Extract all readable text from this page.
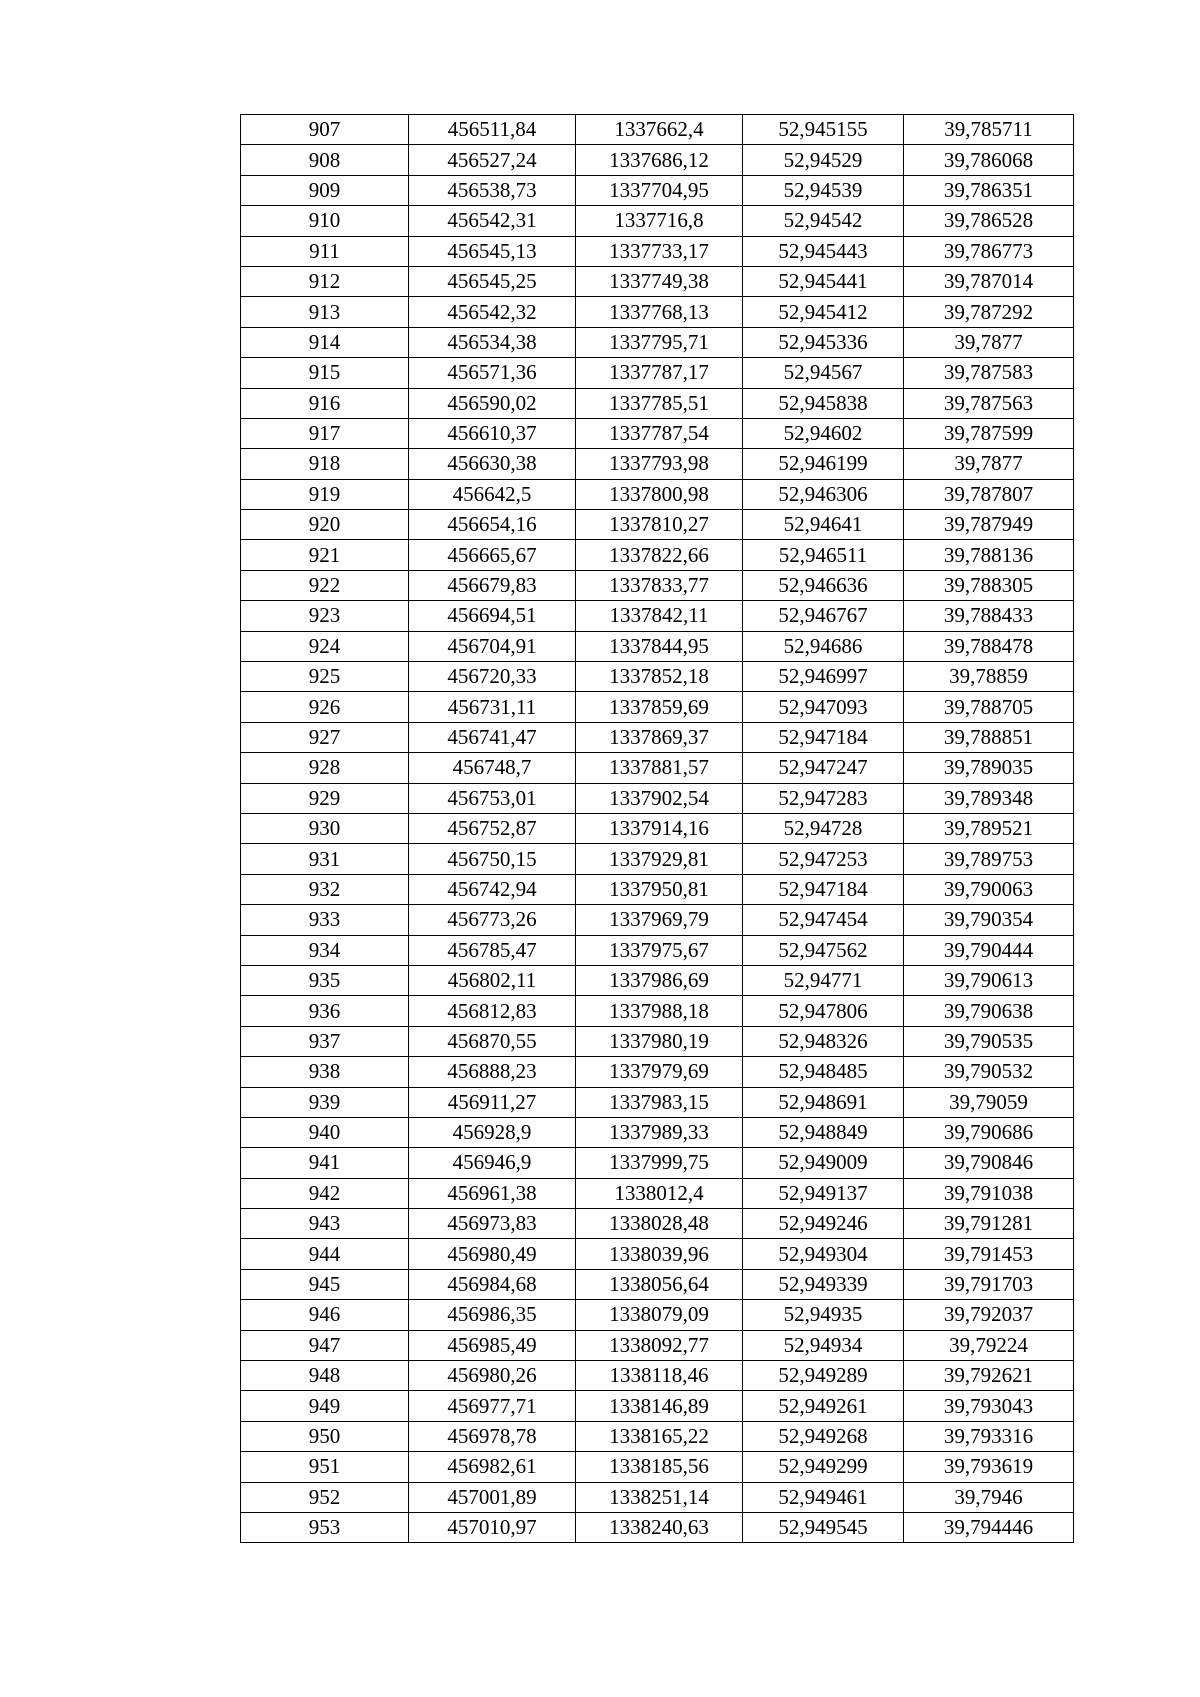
907	456511,84	1337662,4	52,945155	39,785711
908	456527,24	1337686,12	52,94529	39,786068
909	456538,73	1337704,95	52,94539	39,786351
910	456542,31	1337716,8	52,94542	39,786528
911	456545,13	1337733,17	52,945443	39,786773
912	456545,25	1337749,38	52,945441	39,787014
913	456542,32	1337768,13	52,945412	39,787292
914	456534,38	1337795,71	52,945336	39,7877
915	456571,36	1337787,17	52,94567	39,787583
916	456590,02	1337785,51	52,945838	39,787563
917	456610,37	1337787,54	52,94602	39,787599
918	456630,38	1337793,98	52,946199	39,7877
919	456642,5	1337800,98	52,946306	39,787807
920	456654,16	1337810,27	52,94641	39,787949
921	456665,67	1337822,66	52,946511	39,788136
922	456679,83	1337833,77	52,946636	39,788305
923	456694,51	1337842,11	52,946767	39,788433
924	456704,91	1337844,95	52,94686	39,788478
925	456720,33	1337852,18	52,946997	39,78859
926	456731,11	1337859,69	52,947093	39,788705
927	456741,47	1337869,37	52,947184	39,788851
928	456748,7	1337881,57	52,947247	39,789035
929	456753,01	1337902,54	52,947283	39,789348
930	456752,87	1337914,16	52,94728	39,789521
931	456750,15	1337929,81	52,947253	39,789753
932	456742,94	1337950,81	52,947184	39,790063
933	456773,26	1337969,79	52,947454	39,790354
934	456785,47	1337975,67	52,947562	39,790444
935	456802,11	1337986,69	52,94771	39,790613
936	456812,83	1337988,18	52,947806	39,790638
937	456870,55	1337980,19	52,948326	39,790535
938	456888,23	1337979,69	52,948485	39,790532
939	456911,27	1337983,15	52,948691	39,79059
940	456928,9	1337989,33	52,948849	39,790686
941	456946,9	1337999,75	52,949009	39,790846
942	456961,38	1338012,4	52,949137	39,791038
943	456973,83	1338028,48	52,949246	39,791281
944	456980,49	1338039,96	52,949304	39,791453
945	456984,68	1338056,64	52,949339	39,791703
946	456986,35	1338079,09	52,94935	39,792037
947	456985,49	1338092,77	52,94934	39,79224
948	456980,26	1338118,46	52,949289	39,792621
949	456977,71	1338146,89	52,949261	39,793043
950	456978,78	1338165,22	52,949268	39,793316
951	456982,61	1338185,56	52,949299	39,793619
952	457001,89	1338251,14	52,949461	39,7946
953	457010,97	1338240,63	52,949545	39,794446
